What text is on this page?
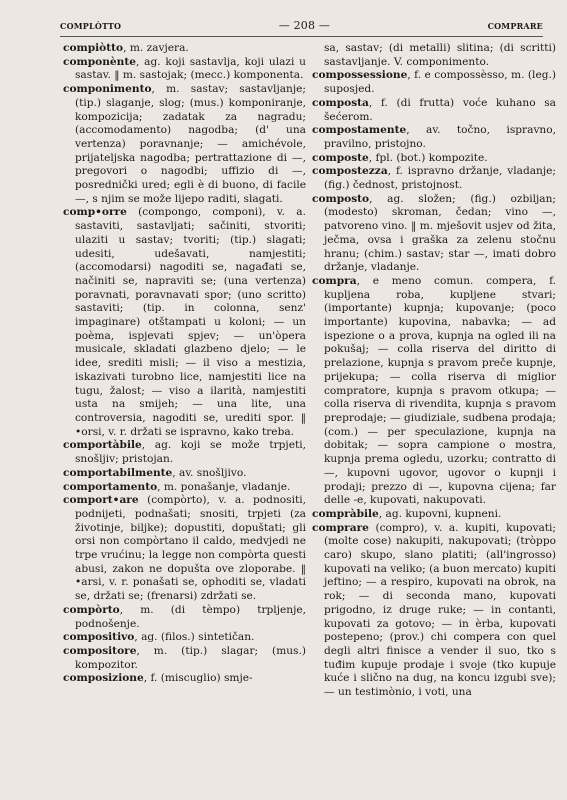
complòtto	— 208 —	comprare

compiòtto, m. zavjera.

componènte, ag. koji sastavlja, koji ulazi u sastav. ‖ m. sastojak; (mecc.) komponenta.

componimento, m. sastav; sastavljanje; (tip.) slaganje, slog; (mus.) komponiranje, kompozicija; zadatak za nagradu; (accomodamento) nagodba; (d' una vertenza) poravnanje; — amichévole, prijateljska nagodba; pertrattazione di —, pregovori o nagodbi; uffizio di —, posrednički ured; egli è di buono, di facile —, s njim se može lijepo raditi, slagati.

comp•orre (compongo, componi), v. a. sastaviti, sastavljati; sačiniti, stvoriti; ulaziti u sastav; tvoriti; (tip.) slagati; udesiti, udešavati, namjestiti; (accomodarsi) nagoditi se, nagađati se, načiniti se, napraviti se; (una vertenza) poravnati, poravnavati spor; (uno scritto) sastaviti; (tip. in colonna, senz' impaginare) otštampati u koloni; — un poèma, ispjevati spjev; — un'òpera musicale, skladati glazbeno djelo; — le idee, srediti misli; — il viso a mestizia, iskazivati turobno lice, namjestiti lice na tugu, žalost; — viso a ilarità, namjestiti usta na smijeh; — una lite, una controversia, nagoditi se, urediti spor. ‖ •orsi, v. r. držati se ispravno, kako treba.

comportàbile, ag. koji se može trpjeti, snošljiv; pristojan.

comportabilmente, av. snošljivo.

comportamento, m. ponašanje, vladanje.

comport•are (compòrto), v. a. podnositi, podnijeti, podnašati; snositi, trpjeti (za životinje, biljke); dopustiti, dopuštati; gli orsi non compòrtano il caldo, medvjedi ne trpe vrućinu; la legge non compòrta questi abusi, zakon ne dopušta ove zloporabe. ‖ •arsi, v. r. ponašati se, ophoditi se, vladati se, držati se; (frenarsi) zdržati se.

compòrto, m. (di tèmpo) trpljenje, podnošenje.

compositivo, ag. (filos.) sintetičan.

compositore, m. (tip.) slagar; (mus.) kompozitor.

composizione, f. (miscuglio) smje-

sa, sastav; (di metalli) slitina; (di scritti) sastavljanje. V. componimento.

compossessione, f. e compossèsso, m. (leg.) suposjed.

composta, f. (di frutta) voće kuhano sa šećerom.

compostamente, av. točno, ispravno, pravilno, pristojno.

composte, fpl. (bot.) kompozite.

compostezza, f. ispravno držanje, vladanje; (fig.) čednost, pristojnost.

composto, ag. složen; (fig.) ozbiljan; (modesto) skroman, čedan; vino —, patvoreno vino. ‖ m. mješovit usjev od žita, ječma, ovsa i graška za zelenu stočnu hranu; (chim.) sastav; star —, imati dobro držanje, vladanje.

compra, e meno comun. compera, f. kupljena roba, kupljene stvari; (importante) kupnja; kupovanje; (poco importante) kupovina, nabavka; — ad ispezione o a prova, kupnja na ogled ili na pokušaj; — colla riserva del diritto di prelazione, kupnja s pravom preče kupnje, prijekupa; — colla riserva di miglior compratore, kupnja s pravom otkupa; — colla riserva di rivendita, kupnja s pravom preprodaje; — giudiziale, sudbena prodaja; (com.) — per speculazione, kupnja na dobitak; — sopra campione o mostra, kupnja prema ogledu, uzorku; contratto di —, kupovni ugovor, ugovor o kupnji i prodaji; prezzo di —, kupovna cijena; far delle -e, kupovati, nakupovati.

compràbile, ag. kupovni, kupneni.

comprare (compro), v. a. kupiti, kupovati; (molte cose) nakupiti, nakupovati; (tròppo caro) skupo, slano platiti; (all'ingrosso) kupovati na veliko; (a buon mercato) kupiti jeftino; — a respiro, kupovati na obrok, na rok; — di seconda mano, kupovati prigodno, iz druge ruke; — in contanti, kupovati za gotovo; — in èrba, kupovati postepeno; (prov.) chi compera con quel degli altri finisce a vender il suo, tko s tuđim kupuje prodaje i svoje (tko kupuje kuće i slično na dug, na koncu izgubi sve); — un testimònio, i voti, una
